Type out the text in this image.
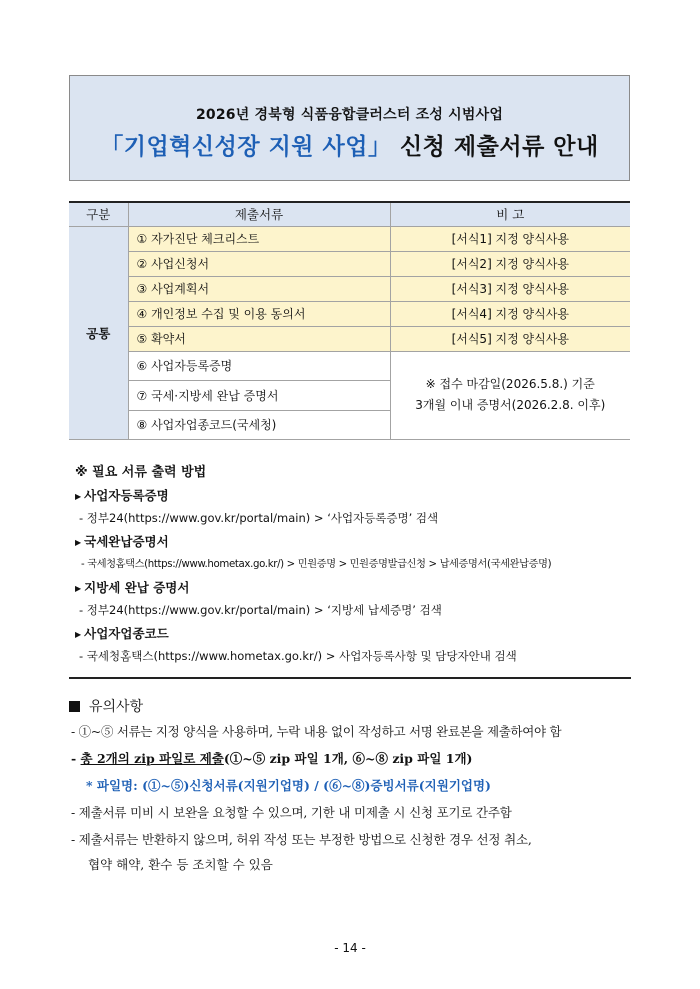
2026년 경북형 식품융합클러스터 조성 시범사업
「기업혁신성장 지원 사업」 신청 제출서류 안내
구분	제출서류	비 고
공통	① 자가진단 체크리스트	[서식1] 지정 양식사용
	② 사업신청서	[서식2] 지정 양식사용
	③ 사업계획서	[서식3] 지정 양식사용
	④ 개인정보 수집 및 이용 동의서	[서식4] 지정 양식사용
	⑤ 확약서	[서식5] 지정 양식사용
	⑥ 사업자등록증명	※ 접수 마감일(2026.5.8.) 기준
3개월 이내 증명서(2026.2.8. 이후)

	⑦ 국세·지방세 완납 증명서	
	⑧ 사업자업종코드(국세청)	
※ 필요 서류 출력 방법
▶ 사업자등록증명
- 정부24(https://www.gov.kr/portal/main) > ‘사업자등록증명’ 검색
▶ 국세완납증명서
- 국세청홈택스(https://www.hometax.go.kr/) > 민원증명 > 민원증명발급신청 > 납세증명서(국세완납증명)
▶ 지방세 완납 증명서
- 정부24(https://www.gov.kr/portal/main) > ‘지방세 납세증명’ 검색
▶ 사업자업종코드
- 국세청홈택스(https://www.hometax.go.kr/) > 사업자등록사항 및 담당자안내 검색
유의사항
- ①~⑤ 서류는 지정 양식을 사용하며, 누락 내용 없이 작성하고 서명 완료본을 제출하여야 함
- 총 2개의 zip 파일로 제출(①~⑤ zip 파일 1개, ⑥~⑧ zip 파일 1개)
* 파일명: (①~⑤)신청서류(지원기업명) / (⑥~⑧)증빙서류(지원기업명)
- 제출서류 미비 시 보완을 요청할 수 있으며, 기한 내 미제출 시 신청 포기로 간주함
- 제출서류는 반환하지 않으며, 허위 작성 또는 부정한 방법으로 신청한 경우 선정 취소,
협약 해약, 환수 등 조치할 수 있음
- 14 -
